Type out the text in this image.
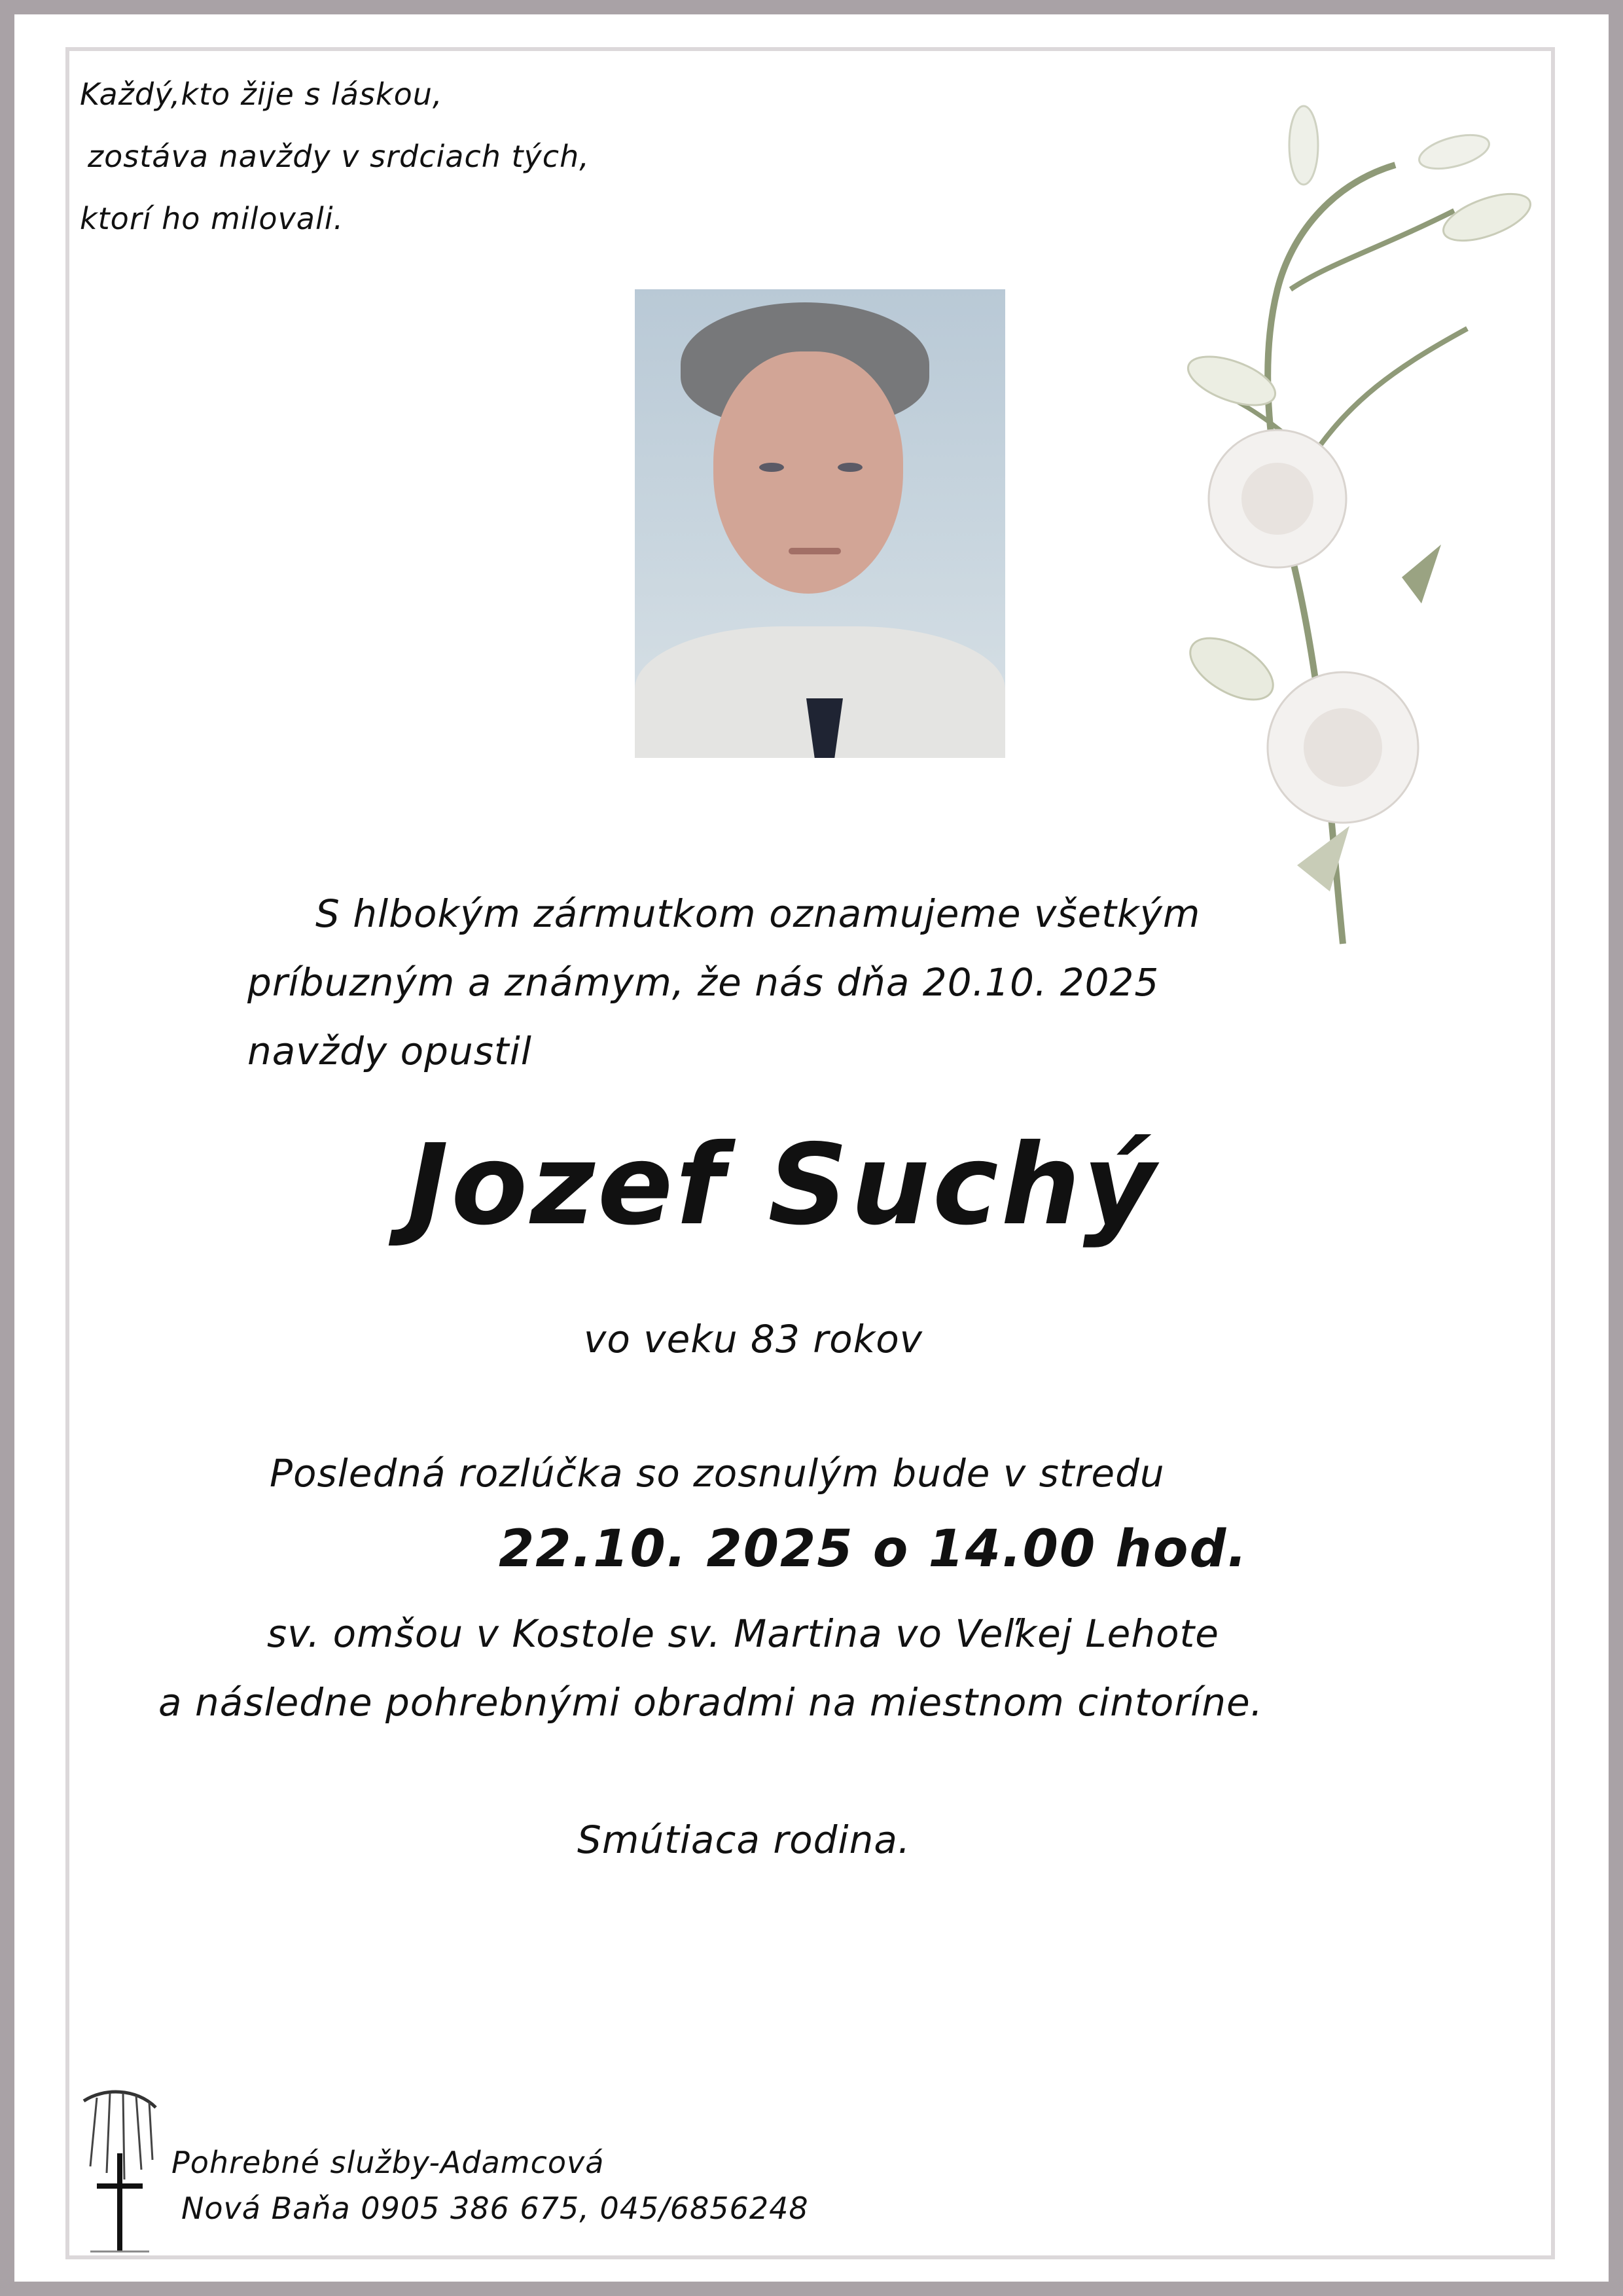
Každý,kto žije s láskou,
zostáva navždy v srdciach tých,
ktorí ho milovali.
S hlbokým zármutkom oznamujeme všetkým
príbuzným a známym, že nás dňa 20.10. 2025
navždy opustil
Jozef Suchý
vo veku 83 rokov
Posledná rozlúčka so zosnulým bude v stredu
22.10. 2025 o 14.00 hod.
sv. omšou v Kostole sv. Martina vo Veľkej Lehote
a následne pohrebnými obradmi na miestnom cintoríne.
Smútiaca rodina.
Pohrebné služby-Adamcová
Nová Baňa 0905 386 675, 045/6856248
